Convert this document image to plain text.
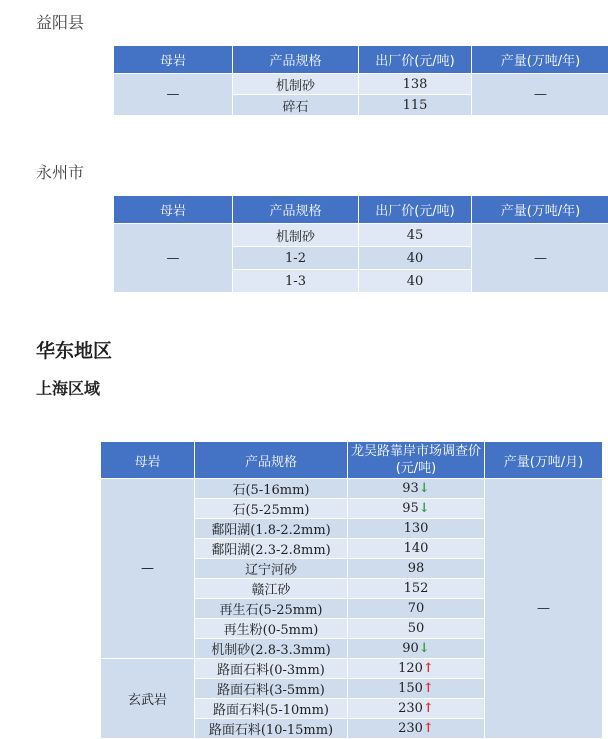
益阳县
母岩	产品规格	出厂价(元/吨)	产量(万吨/年)
—	机制砂	138	—
	碎石	115	
永州市
母岩	产品规格	出厂价(元/吨)	产量(万吨/年)
—	机制砂	45	—
	1-2	40	
	1-3	40	
华东地区
上海区域
母岩	产品规格	龙吴路靠岸市场调查价(元/吨)	产量(万吨/月)
—	石(5-16mm)	93↓	—
	石(5-25mm)	95↓	
	鄱阳湖(1.8-2.2mm)	130	
	鄱阳湖(2.3-2.8mm)	140	
	辽宁河砂	98	
	赣江砂	152	
	再生石(5-25mm)	70	
	再生粉(0-5mm)	50	
	机制砂(2.8-3.3mm)	90↓	
玄武岩	路面石料(0-3mm)	120↑	
	路面石料(3-5mm)	150↑	
	路面石料(5-10mm)	230↑	
	路面石料(10-15mm)	230↑	
